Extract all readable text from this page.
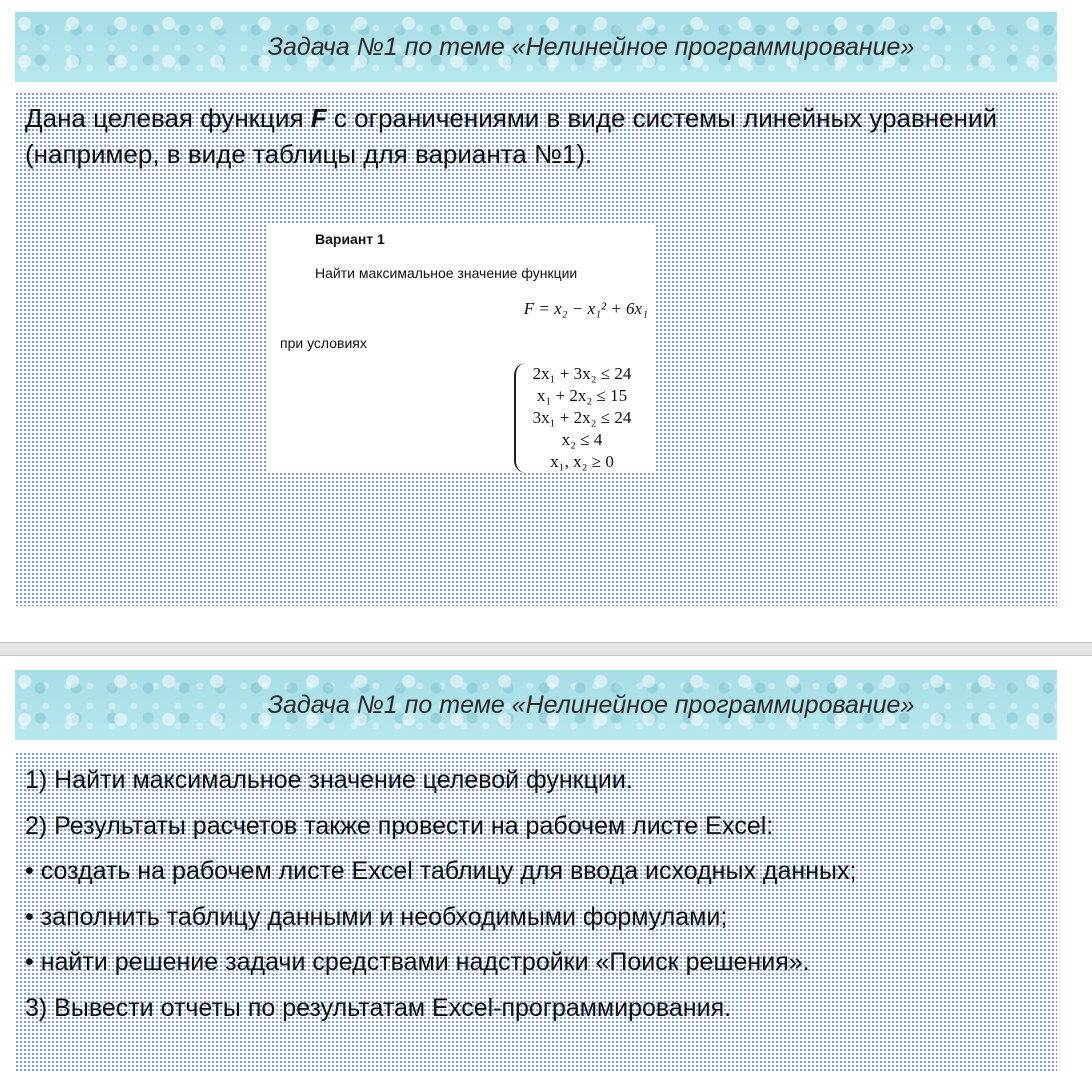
Задача №1 по теме «Нелинейное программирование»
Дана целевая функция F с ограничениями в виде системы линейных уравнений (например, в виде таблицы для варианта №1).
Вариант 1
Найти максимальное значение функции
F = x₂ − x₁² + 6x₁
при условиях
2x₁ + 3x₂ ≤ 24
x₁ + 2x₂ ≤ 15
3x₁ + 2x₂ ≤ 24
x₂ ≤ 4
x₁, x₂ ≥ 0
Задача №1 по теме «Нелинейное программирование»
1) Найти максимальное значение целевой функции.
2) Результаты расчетов также провести на рабочем листе Excel:
• создать на рабочем листе Excel таблицу для ввода исходных данных;
• заполнить таблицу данными и необходимыми формулами;
• найти решение задачи средствами надстройки «Поиск решения».
3) Вывести отчеты по результатам Excel-программирования.
